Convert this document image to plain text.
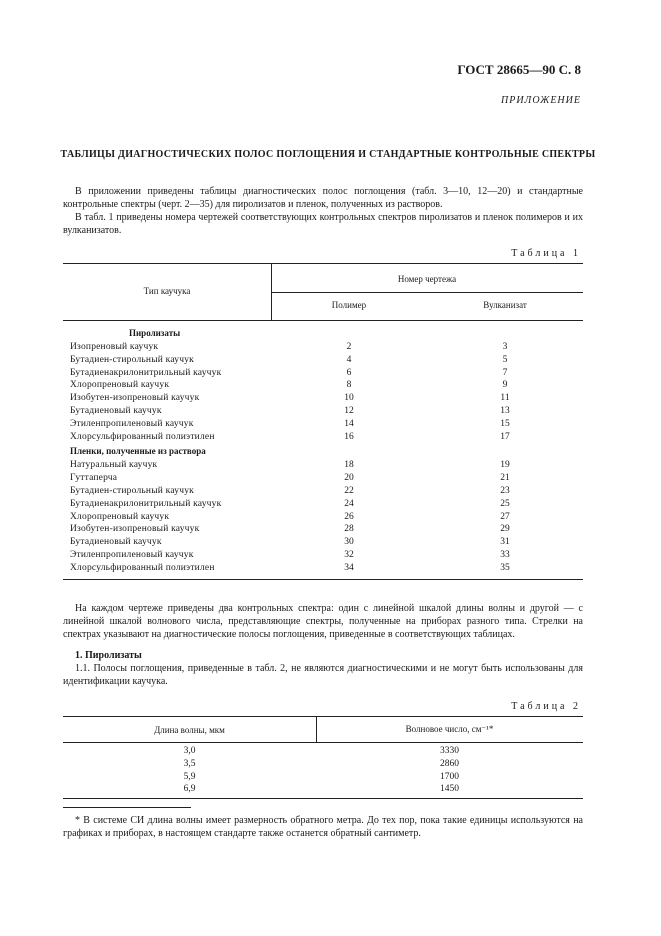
ГОСТ 28665—90 С. 8
ПРИЛОЖЕНИЕ
ТАБЛИЦЫ ДИАГНОСТИЧЕСКИХ ПОЛОС ПОГЛОЩЕНИЯ И СТАНДАРТНЫЕ КОНТРОЛЬНЫЕ СПЕКТРЫ

В приложении приведены таблицы диагностических полос поглощения (табл. 3—10, 12—20) и стандартные контрольные спектры (черт. 2—35) для пиролизатов и пленок, полученных из растворов.

В табл. 1 приведены номера чертежей соответствующих контрольных спектров пиролизатов и пленок полимеров и их вулканизатов.

Таблица 1
Тип каучука
Номер чертежа
Полимер	Вулканизат
Пиролизаты
Изопреновый каучук	2	3
Бутадиен-стирольный каучук	4	5
Бутадиенакрилонитрильный каучук	6	7
Хлоропреновый каучук	8	9
Изобутен-изопреновый каучук	10	11
Бутадиеновый каучук	12	13
Этиленпропиленовый каучук	14	15
Хлорсульфированный полиэтилен	16	17
Пленки, полученные из раствора
Натуральный каучук	18	19
Гуттаперча	20	21
Бутадиен-стирольный каучук	22	23
Бутадиенакрилонитрильный каучук	24	25
Хлоропреновый каучук	26	27
Изобутен-изопреновый каучук	28	29
Бутадиеновый каучук	30	31
Этиленпропиленовый каучук	32	33
Хлорсульфированный полиэтилен	34	35

На каждом чертеже приведены два контрольных спектра: один с линейной шкалой длины волны и другой — с линейной шкалой волнового числа, представляющие спектры, полученные на приборах разного типа. Стрелки на спектрах указывают на диагностические полосы поглощения, приведенные в соответствующих таблицах.

1. Пиролизаты

1.1. Полосы поглощения, приведенные в табл. 2, не являются диагностическими и не могут быть использованы для идентификации каучука.

Таблица 2
Длина волны, мкм	Волновое число, см⁻¹*
3,0	3330
3,5	2860
5,9	1700
6,9	1450

* В системе СИ длина волны имеет размерность обратного метра. До тех пор, пока такие единицы используются на графиках и приборах, в настоящем стандарте также останется обратный сантиметр.
